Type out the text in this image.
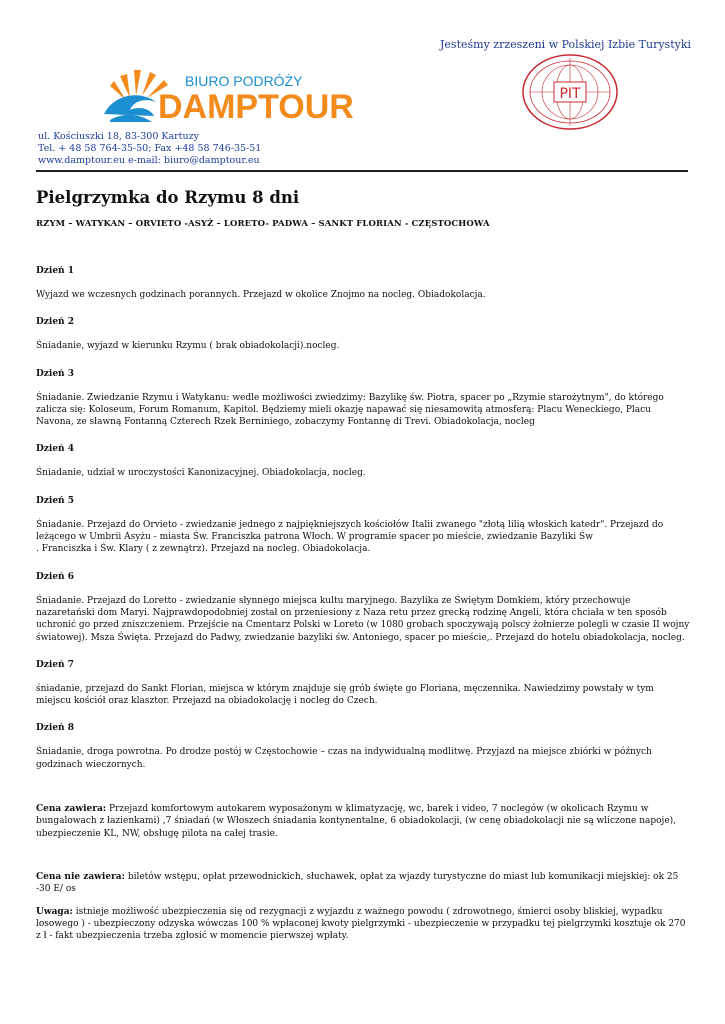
Jesteśmy zrzeszeni w Polskiej Izbie Turystyki
BIURO PODRÓŻY
DAMPTOUR	PIT
ul. Kościuszki 18, 83-300 Kartuzy
Tel. + 48 58 764-35-50; Fax +48 58 746-35-51
www.damptour.eu e-mail: biuro@damptour.eu
Pielgrzymka do Rzymu 8 dni
RZYM – WATYKAN – ORVIETO -ASYŻ – LORETO- PADWA – SANKT FLORIAN - CZĘSTOCHOWA
Dzień 1
Wyjazd we wczesnych godzinach porannych. Przejazd w okolice Znojmo na nocleg. Obiadokolacja.
Dzień 2
Śniadanie, wyjazd w kierunku Rzymu ( brak obiadokolacji).nocleg.
Dzień 3
Śniadanie. Zwiedzanie Rzymu i Watykanu: wedle możliwości zwiedzimy: Bazylikę św. Piotra, spacer po „Rzymie starożytnym", do którego zalicza się: Koloseum, Forum Romanum, Kapitol. Będziemy mieli okazję napawać się niesamowitą atmosferą: Placu Weneckiego, Placu Navona, ze sławną Fontanną Czterech Rzek Berniniego, zobaczymy Fontannę di Trevi. Obiadokolacja, nocleg
Dzień 4
Śniadanie, udział w uroczystości Kanonizacyjnej. Obiadokolacja, nocleg.
Dzień 5
Śniadanie. Przejazd do Orvieto - zwiedzanie jednego z najpiękniejszych kościołów Italii zwanego "złotą lilią włoskich katedr". Przejazd do leżącego w Umbrii Asyżu - miasta Św. Franciszka patrona Włoch. W programie spacer po mieście, zwiedzanie Bazyliki Św
. Franciszka i Św. Klary ( z zewnątrz). Przejazd na nocleg. Obiadokolacja.
Dzień 6
Śniadanie. Przejazd do Loretto - zwiedzanie słynnego miejsca kultu maryjnego. Bazylika ze Świętym Domkiem, który przechowuje nazaretański dom Maryi. Najprawdopodobniej został on przeniesiony z Naza retu przez grecką rodzinę Angeli, która chciała w ten sposób uchronić go przed zniszczeniem. Przejście na Cmentarz Polski w Loreto (w 1080 grobach spoczywają polscy żołnierze polegli w czasie II wojny światowej). Msza Święta. Przejazd do Padwy, zwiedzanie bazyliki św. Antoniego, spacer po mieście,. Przejazd do hotelu obiadokolacja, nocleg.
Dzień 7
śniadanie, przejazd do Sankt Florian, miejsca w którym znajduje się grób święte go Floriana, męczennika. Nawiedzimy powstały w tym miejscu kościół oraz klasztor. Przejazd na obiadokolację i nocleg do Czech.
Dzień 8
Śniadanie, droga powrotna. Po drodze postój w Częstochowie – czas na indywidualną modlitwę. Przyjazd na miejsce zbiórki w późnych godzinach wieczornych.

Cena zawiera: Przejazd komfortowym autokarem wyposażonym w klimatyzację, wc, barek i video, 7 noclegów (w okolicach Rzymu w bungalowach z łazienkami) ,7 śniadań (w Włoszech śniadania kontynentalne, 6 obiadokolacji, (w cenę obiadokolacji nie są wliczone napoje), ubezpieczenie KL, NW, obsługę pilota na całej trasie.

Cena nie zawiera: biletów wstępu, opłat przewodnickich, słuchawek, opłat za wjazdy turystyczne do miast lub komunikacji miejskiej: ok 25 -30 E/ os

Uwaga: istnieje możliwość ubezpieczenia się od rezygnacji z wyjazdu z ważnego powodu ( zdrowotnego, śmierci osoby bliskiej, wypadku losowego ) - ubezpieczony odzyska wówczas 100 % wpłaconej kwoty pielgrzymki - ubezpieczenie w przypadku tej pielgrzymki kosztuje ok 270 z ł - fakt ubezpieczenia trzeba zgłosić w momencie pierwszej wpłaty.
